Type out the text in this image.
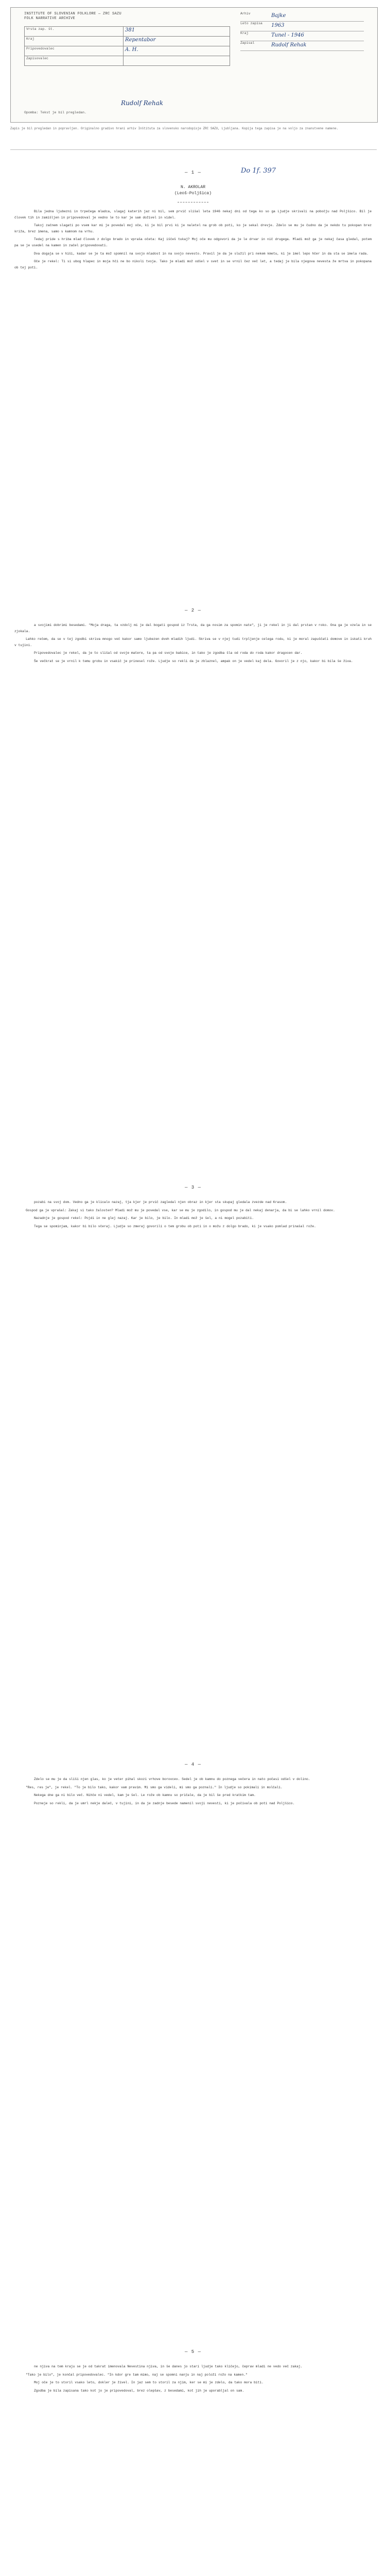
INSTITUTE OF SLOVENIAN FOLKLORE — ZRC SAZU
FOLK NARRATIVE ARCHIVE
Vrsta zap. št.	381
Kraj	Repentabor
Pripovedovalec	A. H.
Zapisovalec	
Arhiv	Bajke
Leto zapisa 1963
Kraj	Tunel - 1946
Zapisal	Rudolf Rehak
Rudolf Rehak
Opomba: Tekst je bil pregledan.
Zapis je bil pregledan in popravljen. Originalno gradivo hrani arhiv Inštituta za slovensko narodopisje ZRC SAZU, Ljubljana. Kopija tega zapisa je na voljo za znanstvene namene.
— 1 —	Do 1f. 397
N. AKROLAR
(Leoš-Poljšica)

Bila jedna ljubezni in trpečega mladca, slagaj katerih jaz ni bil, sem prvič slišal leta 1946 nekaj dni od tega ko so ga Ljudje skrivali na pobočju nad Poljšico. Bil je človek tih in zamišljen in pripovedoval je vedno le to kar je sam doživel in videl.

Takoj začnem slagati po vsem kar mi je povedal moj oče, ki je bil prvi ki je naletel na grob ob poti, ko je sekal drevje. Zdelo se mu je čudno da je nekdo tu pokopan brez križa, brez imena, samo s kamnom na vrhu.

Tedaj pride s hriba mlad človek z dolgo brado in vpraša očeta: Kaj iščeš tukaj? Moj oče mu odgovori da je le drvar in nič drugega. Mladi mož ga je nekaj časa gledal, potem pa se je usedel na kamen in začel pripovedovati.

Dva dogaja se v hiši, kadar se je ta mož spomnil na svojo mladost in na svojo nevesto. Pravil je da je služil pri nekem kmetu, ki je imel lepo hčer in da sta se imela rada.

Oče je rekel: Ti si ubog hlapec in moja hči ne bo nikoli tvoja. Tako je mladi mož odšel v svet in se vrnil čez več let, a tedaj je bila njegova nevesta že mrtva in pokopana ob tej poti.

— 2 —

a svojimi dobrimi besedami. "Moja draga, ta vzdolj mi je dal bogati gospod iz Trsta, da ga nosim za spomin nate", ji je rekel in ji dal prstan v roko. Ona ga je vzela in se zjokala.

Lahko rečem, da se v tej zgodbi skriva mnogo več kakor samo ljubezen dveh mladih ljudi. Skriva se v njej tudi trpljenje celega rodu, ki je moral zapuščati domove in iskati kruh v tujini.

Pripovedovalec je rekel, da je to slišal od svoje matere, ta pa od svoje babice, in tako je zgodba šla od roda do roda kakor dragocen dar.

Še večkrat se je vrnil k temu grobu in vsakič je prinesel rože. Ljudje so rekli da je zblaznel, ampak on je vedel kaj dela. Govoril je z njo, kakor bi bila še živa.

— 3 —

pozabi na svoj dom. Vedno ga je klicalo nazaj, tja kjer je prvič zagledal njen obraz in kjer sta skupaj gledala zvezde nad Krasom.

Gospod ga je vprašal: Zakaj si tako žalosten? Mladi mož mu je povedal vse, kar se mu je zgodilo, in gospod mu je dal nekaj denarja, da bi se lahko vrnil domov.

Nazadnje je gospod rekel: Pojdi in ne glej nazaj. Kar je bilo, je bilo. In mladi mož je šel, a ni mogel pozabiti.

Tega se spominjam, kakor bi bilo včeraj. Ljudje so zmeraj govorili o tem grobu ob poti in o možu z dolgo brado, ki je vsako pomlad prinašal rože.

— 4 —

Zdelo se mu je da sliši njen glas, ko je veter pihal skozi vrhove borovcev. Sedel je ob kamnu do poznega večera in nato počasi odšel v dolino.

"Res, res je", je rekel. "To je bilo tako, kakor vam pravim. Mi smo ga videli, mi smo ga poznali." In ljudje so pokimali in molčali.

Nekega dne ga ni bilo več. Nihče ni vedel, kam je šel. Le rože ob kamnu so pričale, da je bil še pred kratkim tam.

Pozneje so rekli, da je umrl nekje daleč, v tujini, in da je zadnje besede namenil svoji nevesti, ki je počivala ob poti nad Poljšico.

— 5 —

ne njiva na tem kraju se je od takrat imenovala Nevestina njiva, in še danes jo stari ljudje tako kličejo, čeprav mladi ne vedo več zakaj.

"Tako je bilo", je končal pripovedovalec. "In kdor gre tam mimo, naj se spomni nanju in naj položi rožo na kamen."

Moj oče je to storil vsako leto, dokler je živel. In jaz sem to storil za njim, ker se mi je zdelo, da tako mora biti.

Zgodba je bila zapisana tako kot jo je pripovedoval, brez olepšav, z besedami, kot jih je uporabljal on sam.
